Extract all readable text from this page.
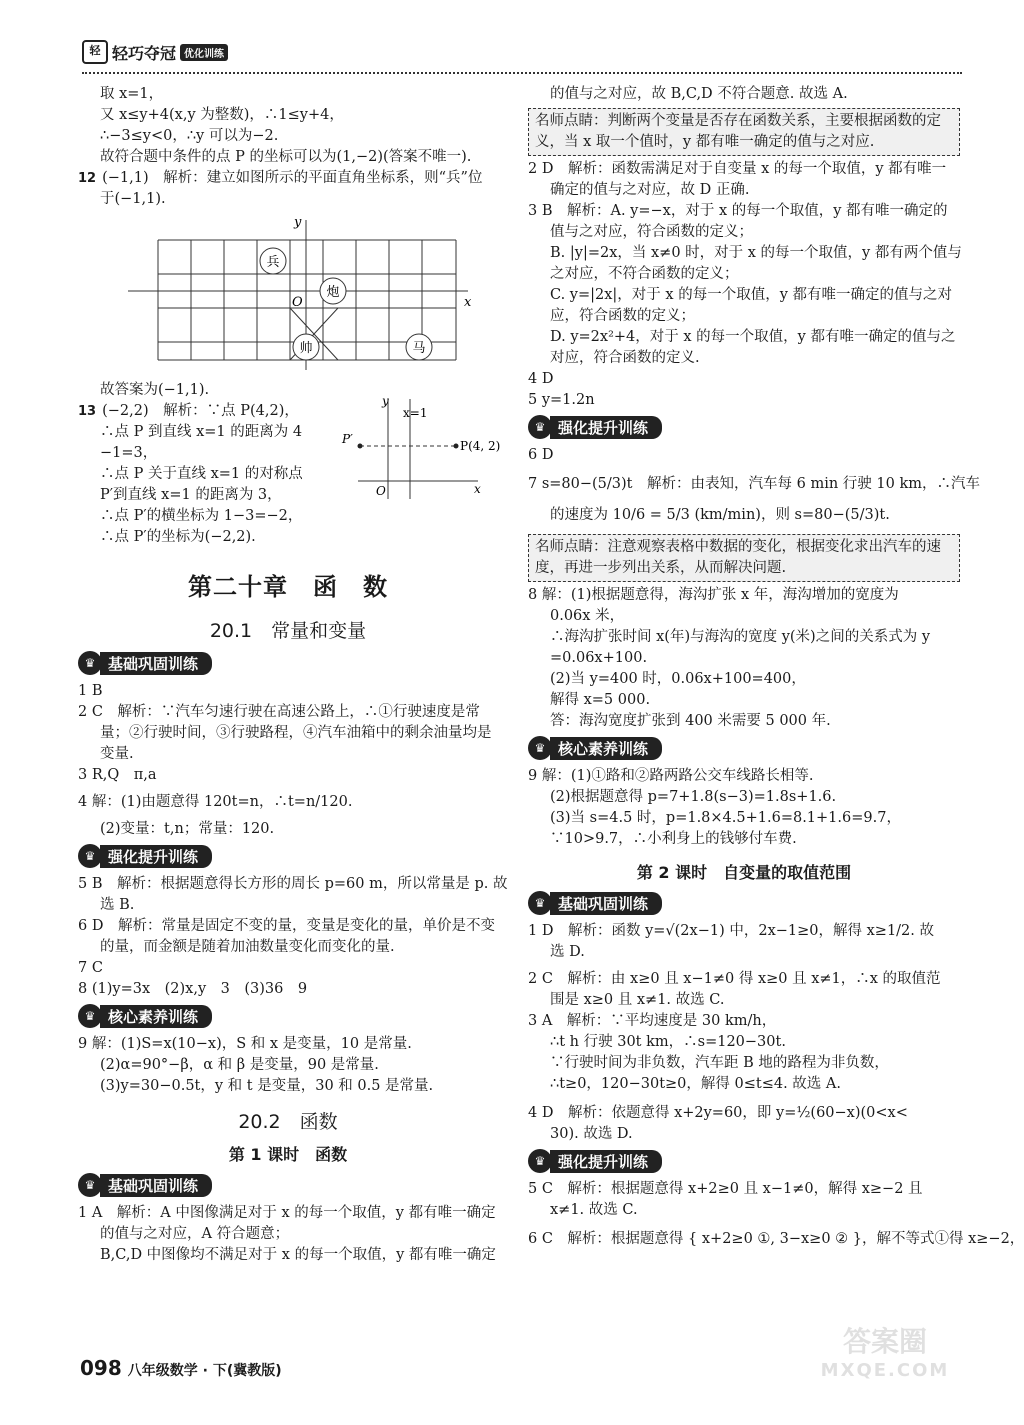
轻 轻巧夺冠 优化训练
取 x=1，
又 x≤y+4(x,y 为整数)，∴1≤y+4，
∴−3≤y<0，∴y 可以为−2.
故符合题中条件的点 P 的坐标可以为(1,−2)(答案不唯一).
12 (−1,1)　解析：建立如图所示的平面直角坐标系，则“兵”位
于(−1,1).
y
x
O
兵
炮
帅	马
故答案为(−1,1).
13 (−2,2)　解析：∵点 P(4,2)，
∴点 P 到直线 x=1 的距离为 4
−1=3，
∴点 P 关于直线 x=1 的对称点
P′到直线 x=1 的距离为 3，
∴点 P′的横坐标为 1−3=−2，
∴点 P′的坐标为(−2,2).
y
x
O
x=1
P(4, 2)
P′
第二十章　函　数
20.1　常量和变量
♛ 基础巩固训练
1 B
2 C　解析：∵汽车匀速行驶在高速公路上，∴①行驶速度是常
量；②行驶时间，③行驶路程，④汽车油箱中的剩余油量均是
变量.
3 R,Q　π,a
4 解：(1)由题意得 120t=n，∴t=n/120.
(2)变量：t,n；常量：120.
♛ 强化提升训练
5 B　解析：根据题意得长方形的周长 p=60 m，所以常量是 p. 故
选 B.
6 D　解析：常量是固定不变的量，变量是变化的量，单价是不变
的量，而金额是随着加油数量变化而变化的量.
7 C
8 (1)y=3x　(2)x,y　3　(3)36　9
♛ 核心素养训练
9 解：(1)S=x(10−x)，S 和 x 是变量，10 是常量.
(2)α=90°−β，α 和 β 是变量，90 是常量.
(3)y=30−0.5t，y 和 t 是变量，30 和 0.5 是常量.
20.2　函数
第 1 课时　函数
♛ 基础巩固训练
1 A　解析：A 中图像满足对于 x 的每一个取值，y 都有唯一确定
的值与之对应，A 符合题意；
B,C,D 中图像均不满足对于 x 的每一个取值，y 都有唯一确定
的值与之对应，故 B,C,D 不符合题意. 故选 A.
名师点睛：判断两个变量是否存在函数关系，主要根据函数的定义，当 x 取一个值时，y 都有唯一确定的值与之对应.
2 D　解析：函数需满足对于自变量 x 的每一个取值，y 都有唯一
确定的值与之对应，故 D 正确.
3 B　解析：A. y=−x，对于 x 的每一个取值，y 都有唯一确定的
值与之对应，符合函数的定义；
B. |y|=2x，当 x≠0 时，对于 x 的每一个取值，y 都有两个值与
之对应，不符合函数的定义；
C. y=|2x|，对于 x 的每一个取值，y 都有唯一确定的值与之对
应，符合函数的定义；
D. y=2x²+4，对于 x 的每一个取值，y 都有唯一确定的值与之
对应，符合函数的定义.
4 D
5 y=1.2n
♛ 强化提升训练
6 D
7 s=80−(5/3)t　解析：由表知，汽车每 6 min 行驶 10 km，∴汽车
的速度为 10/6 = 5/3 (km/min)，则 s=80−(5/3)t.
名师点睛：注意观察表格中数据的变化，根据变化求出汽车的速度，再进一步列出关系，从而解决问题.
8 解：(1)根据题意得，海沟扩张 x 年，海沟增加的宽度为
0.06x 米，
∴海沟扩张时间 x(年)与海沟的宽度 y(米)之间的关系式为 y
=0.06x+100.
(2)当 y=400 时，0.06x+100=400，
解得 x=5 000.
答：海沟宽度扩张到 400 米需要 5 000 年.
♛ 核心素养训练
9 解：(1)①路和②路两路公交车线路长相等.
(2)根据题意得 p=7+1.8(s−3)=1.8s+1.6.
(3)当 s=4.5 时，p=1.8×4.5+1.6=8.1+1.6=9.7，
∵10>9.7，∴小利身上的钱够付车费.
第 2 课时　自变量的取值范围
♛ 基础巩固训练
1 D　解析：函数 y=√(2x−1) 中，2x−1≥0，解得 x≥1/2. 故
选 D.
2 C　解析：由 x≥0 且 x−1≠0 得 x≥0 且 x≠1，∴x 的取值范
围是 x≥0 且 x≠1. 故选 C.
3 A　解析：∵平均速度是 30 km/h，
∴t h 行驶 30t km，∴s=120−30t.
∵行驶时间为非负数，汽车距 B 地的路程为非负数，
∴t≥0，120−30t≥0，解得 0≤t≤4. 故选 A.
4 D　解析：依题意得 x+2y=60，即 y=½(60−x)(0<x<
30). 故选 D.
♛ 强化提升训练
5 C　解析：根据题意得 x+2≥0 且 x−1≠0，解得 x≥−2 且
x≠1. 故选 C.
6 C　解析：根据题意得 { x+2≥0 ①, 3−x≥0 ② }，解不等式①得 x≥−2，
098 八年级数学 · 下(冀教版)
答案圈
MXQE.COM
